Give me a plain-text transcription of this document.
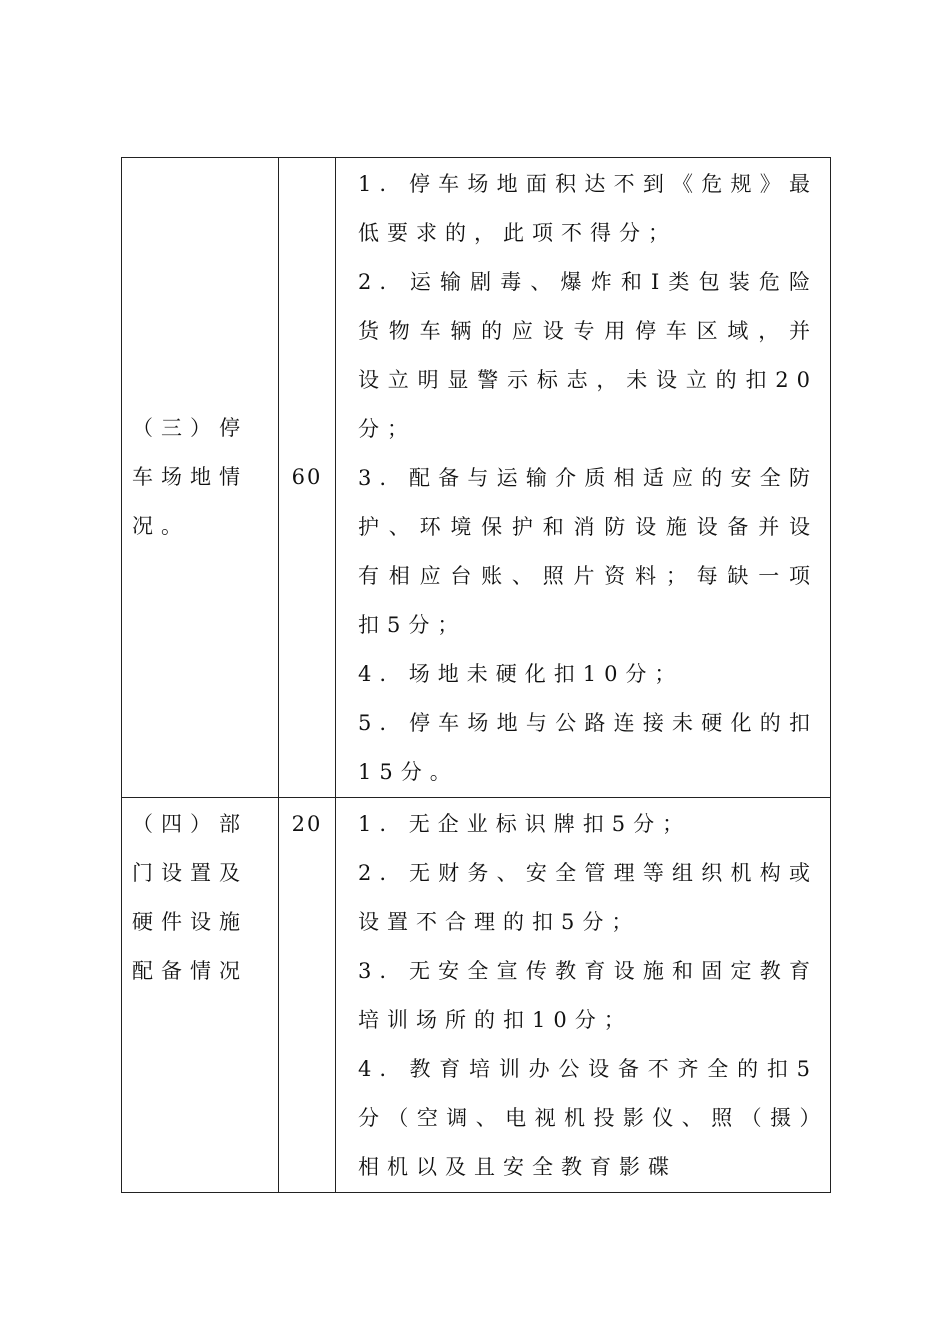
（三）停车场地情况。	60	1. 停车场地面积达不到《危规》最低要求的，此项不得分；
2. 运输剧毒、爆炸和I类包装危险货物车辆的应设专用停车区域，并设立明显警示标志，未设立的扣20分；
3. 配备与运输介质相适应的安全防护、环境保护和消防设施设备并设有相应台账、照片资料；每缺一项扣5分；
4. 场地未硬化扣10分；
5. 停车场地与公路连接未硬化的扣15分。

（四）部门设置及硬件设施配备情况	20	1. 无企业标识牌扣5分；
2. 无财务、安全管理等组织机构或设置不合理的扣5分；
3. 无安全宣传教育设施和固定教育培训场所的扣10分；
4. 教育培训办公设备不齐全的扣5分（空调、电视机投影仪、照（摄）相机以及且安全教育影碟
